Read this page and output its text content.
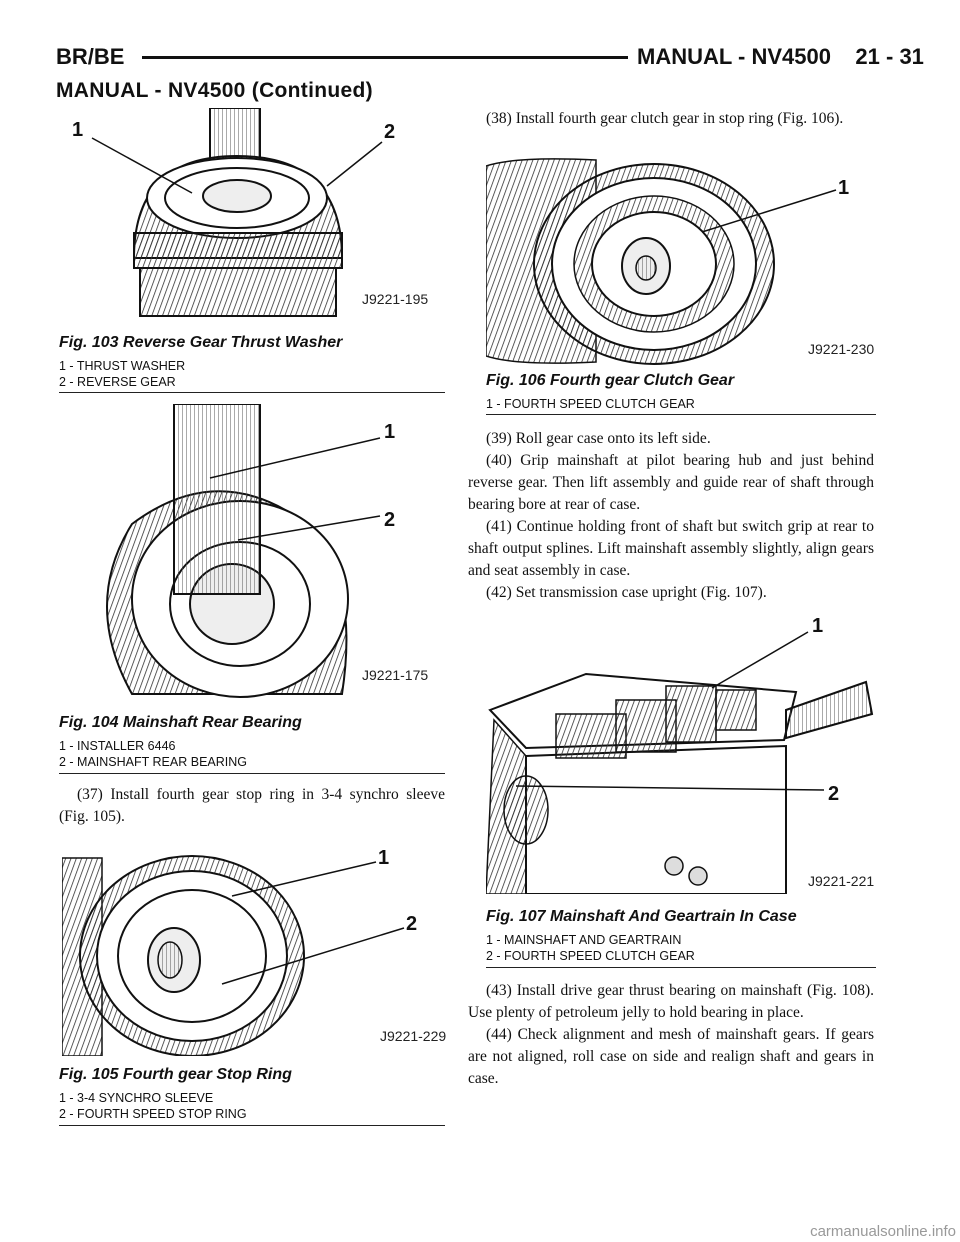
BR/BE	MANUAL - NV4500    21 - 31
MANUAL - NV4500 (Continued)
1	2
J9221-195
Fig. 103 Reverse Gear Thrust Washer
1 - THRUST WASHER
2 - REVERSE GEAR
1
2
J9221-175
Fig. 104 Mainshaft Rear Bearing
1 - INSTALLER 6446
2 - MAINSHAFT REAR BEARING

(37) Install fourth gear stop ring in 3-4 synchro sleeve (Fig. 105).

1
2
J9221-229
Fig. 105 Fourth gear Stop Ring
1 - 3-4 SYNCHRO SLEEVE
2 - FOURTH SPEED STOP RING

(38) Install fourth gear clutch gear in stop ring (Fig. 106).

1
J9221-230
Fig. 106 Fourth gear Clutch Gear
1 - FOURTH SPEED CLUTCH GEAR

(39) Roll gear case onto its left side.

(40) Grip mainshaft at pilot bearing hub and just behind reverse gear. Then lift assembly and guide rear of shaft through bearing bore at rear of case.

(41) Continue holding front of shaft but switch grip at rear to shaft output splines. Lift mainshaft assembly slightly, align gears and seat assembly in case.

(42) Set transmission case upright (Fig. 107).

1
2
J9221-221
Fig. 107 Mainshaft And Geartrain In Case
1 - MAINSHAFT AND GEARTRAIN
2 - FOURTH SPEED CLUTCH GEAR

(43) Install drive gear thrust bearing on mainshaft (Fig. 108). Use plenty of petroleum jelly to hold bearing in place.

(44) Check alignment and mesh of mainshaft gears. If gears are not aligned, roll case on side and realign shaft and gears in case.

carmanualsonline.info
